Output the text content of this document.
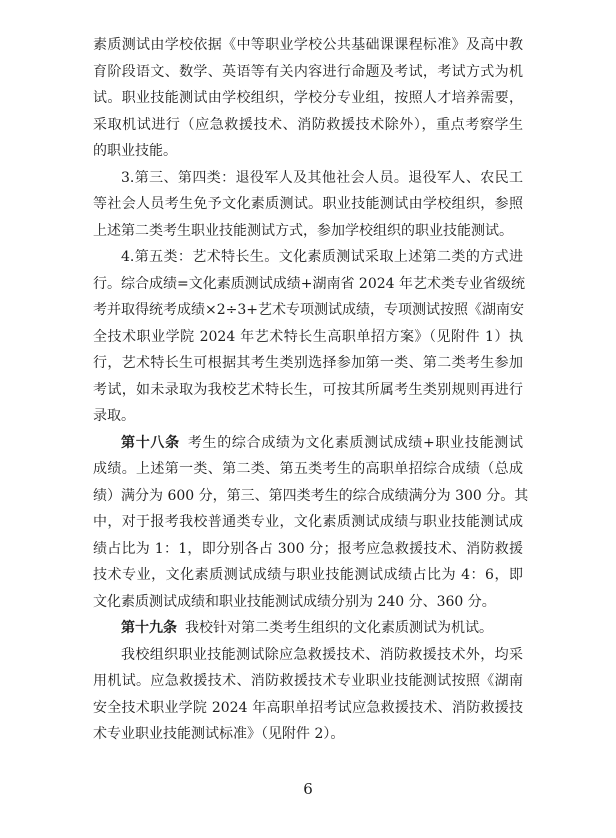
素质测试由学校依据《中等职业学校公共基础课课程标准》及高中教
育阶段语文、数学、英语等有关内容进行命题及考试，考试方式为机
试。职业技能测试由学校组织，学校分专业组，按照人才培养需要，
采取机试进行（应急救援技术、消防救援技术除外），重点考察学生
的职业技能。
3.第三、第四类：退役军人及其他社会人员。退役军人、农民工
等社会人员考生免予文化素质测试。职业技能测试由学校组织，参照
上述第二类考生职业技能测试方式，参加学校组织的职业技能测试。
4.第五类：艺术特长生。文化素质测试采取上述第二类的方式进
行。综合成绩=文化素质测试成绩+湖南省 2024 年艺术类专业省级统
考并取得统考成绩×2÷3+艺术专项测试成绩，专项测试按照《湖南安
全技术职业学院 2024 年艺术特长生高职单招方案》（见附件 1）执
行，艺术特长生可根据其考生类别选择参加第一类、第二类考生参加
考试，如未录取为我校艺术特长生，可按其所属考生类别规则再进行
录取。
第十八条 考生的综合成绩为文化素质测试成绩+职业技能测试
成绩。上述第一类、第二类、第五类考生的高职单招综合成绩（总成
绩）满分为 600 分，第三、第四类考生的综合成绩满分为 300 分。其
中，对于报考我校普通类专业，文化素质测试成绩与职业技能测试成
绩占比为 1：1，即分别各占 300 分；报考应急救援技术、消防救援
技术专业，文化素质测试成绩与职业技能测试成绩占比为 4：6，即
文化素质测试成绩和职业技能测试成绩分别为 240 分、360 分。
第十九条 我校针对第二类考生组织的文化素质测试为机试。
我校组织职业技能测试除应急救援技术、消防救援技术外，均采
用机试。应急救援技术、消防救援技术专业职业技能测试按照《湖南
安全技术职业学院 2024 年高职单招考试应急救援技术、消防救援技
术专业职业技能测试标准》（见附件 2）。
6
